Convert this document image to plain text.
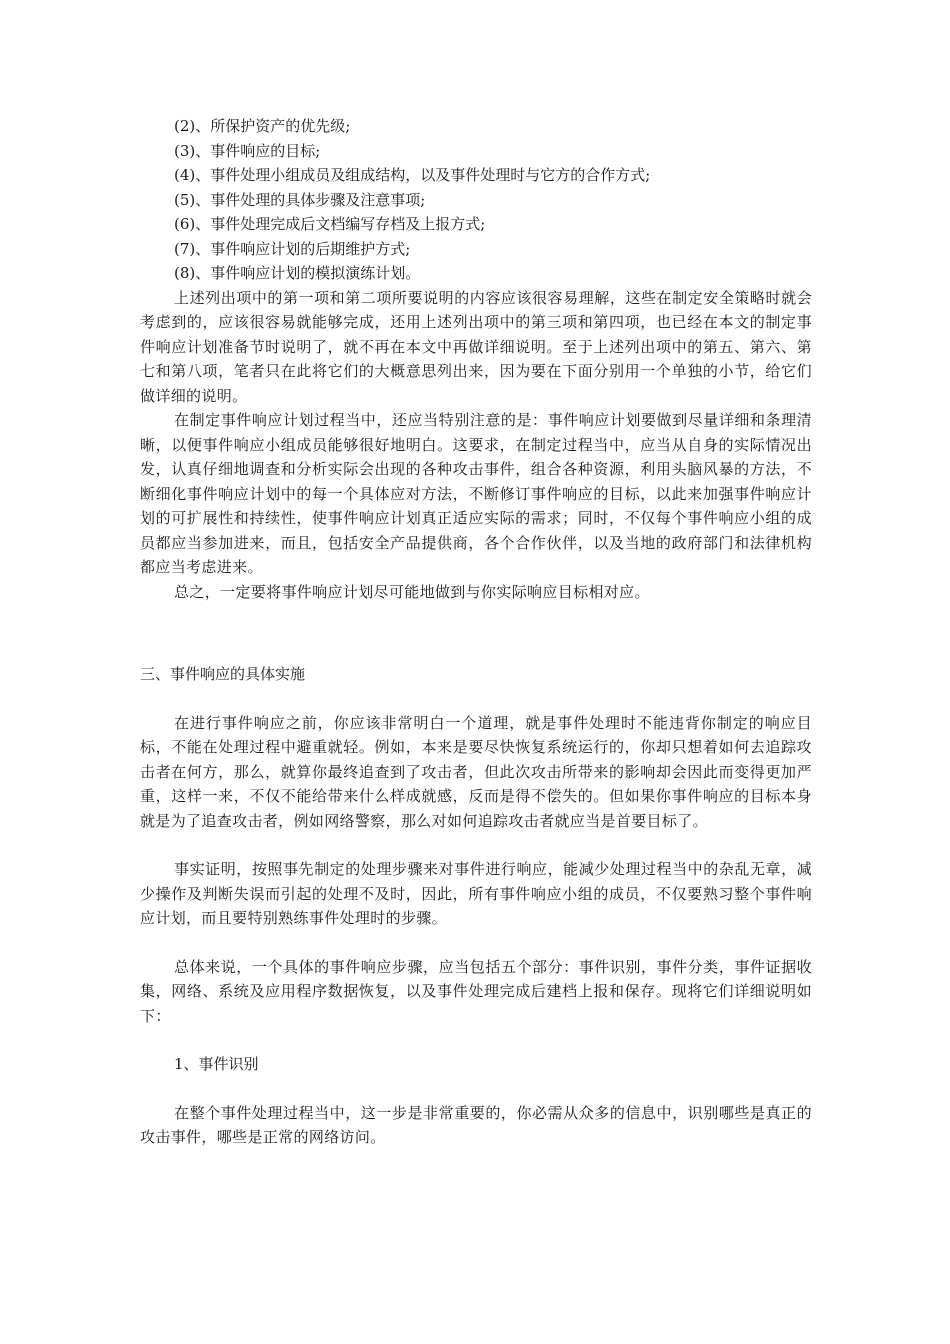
(2)、所保护资产的优先级;

(3)、事件响应的目标;

(4)、事件处理小组成员及组成结构，以及事件处理时与它方的合作方式;

(5)、事件处理的具体步骤及注意事项;

(6)、事件处理完成后文档编写存档及上报方式;

(7)、事件响应计划的后期维护方式;

(8)、事件响应计划的模拟演练计划。

上述列出项中的第一项和第二项所要说明的内容应该很容易理解，这些在制定安全策略时就会考虑到的，应该很容易就能够完成，还用上述列出项中的第三项和第四项，也已经在本文的制定事件响应计划准备节时说明了，就不再在本文中再做详细说明。至于上述列出项中的第五、第六、第七和第八项，笔者只在此将它们的大概意思列出来，因为要在下面分别用一个单独的小节，给它们做详细的说明。

在制定事件响应计划过程当中，还应当特别注意的是：事件响应计划要做到尽量详细和条理清晰，以便事件响应小组成员能够很好地明白。这要求，在制定过程当中，应当从自身的实际情况出发，认真仔细地调查和分析实际会出现的各种攻击事件，组合各种资源，利用头脑风暴的方法，不断细化事件响应计划中的每一个具体应对方法，不断修订事件响应的目标，以此来加强事件响应计划的可扩展性和持续性，使事件响应计划真正适应实际的需求；同时，不仅每个事件响应小组的成员都应当参加进来，而且，包括安全产品提供商，各个合作伙伴，以及当地的政府部门和法律机构都应当考虑进来。

总之，一定要将事件响应计划尽可能地做到与你实际响应目标相对应。

三、事件响应的具体实施

在进行事件响应之前，你应该非常明白一个道理，就是事件处理时不能违背你制定的响应目标，不能在处理过程中避重就轻。例如，本来是要尽快恢复系统运行的，你却只想着如何去追踪攻击者在何方，那么，就算你最终追查到了攻击者，但此次攻击所带来的影响却会因此而变得更加严重，这样一来，不仅不能给带来什么样成就感，反而是得不偿失的。但如果你事件响应的目标本身就是为了追查攻击者，例如网络警察，那么对如何追踪攻击者就应当是首要目标了。

事实证明，按照事先制定的处理步骤来对事件进行响应，能减少处理过程当中的杂乱无章，减少操作及判断失误而引起的处理不及时，因此，所有事件响应小组的成员，不仅要熟习整个事件响应计划，而且要特别熟练事件处理时的步骤。

总体来说，一个具体的事件响应步骤，应当包括五个部分：事件识别，事件分类，事件证据收集，网络、系统及应用程序数据恢复，以及事件处理完成后建档上报和保存。现将它们详细说明如下：

1、事件识别

在整个事件处理过程当中，这一步是非常重要的，你必需从众多的信息中，识别哪些是真正的攻击事件，哪些是正常的网络访问。
